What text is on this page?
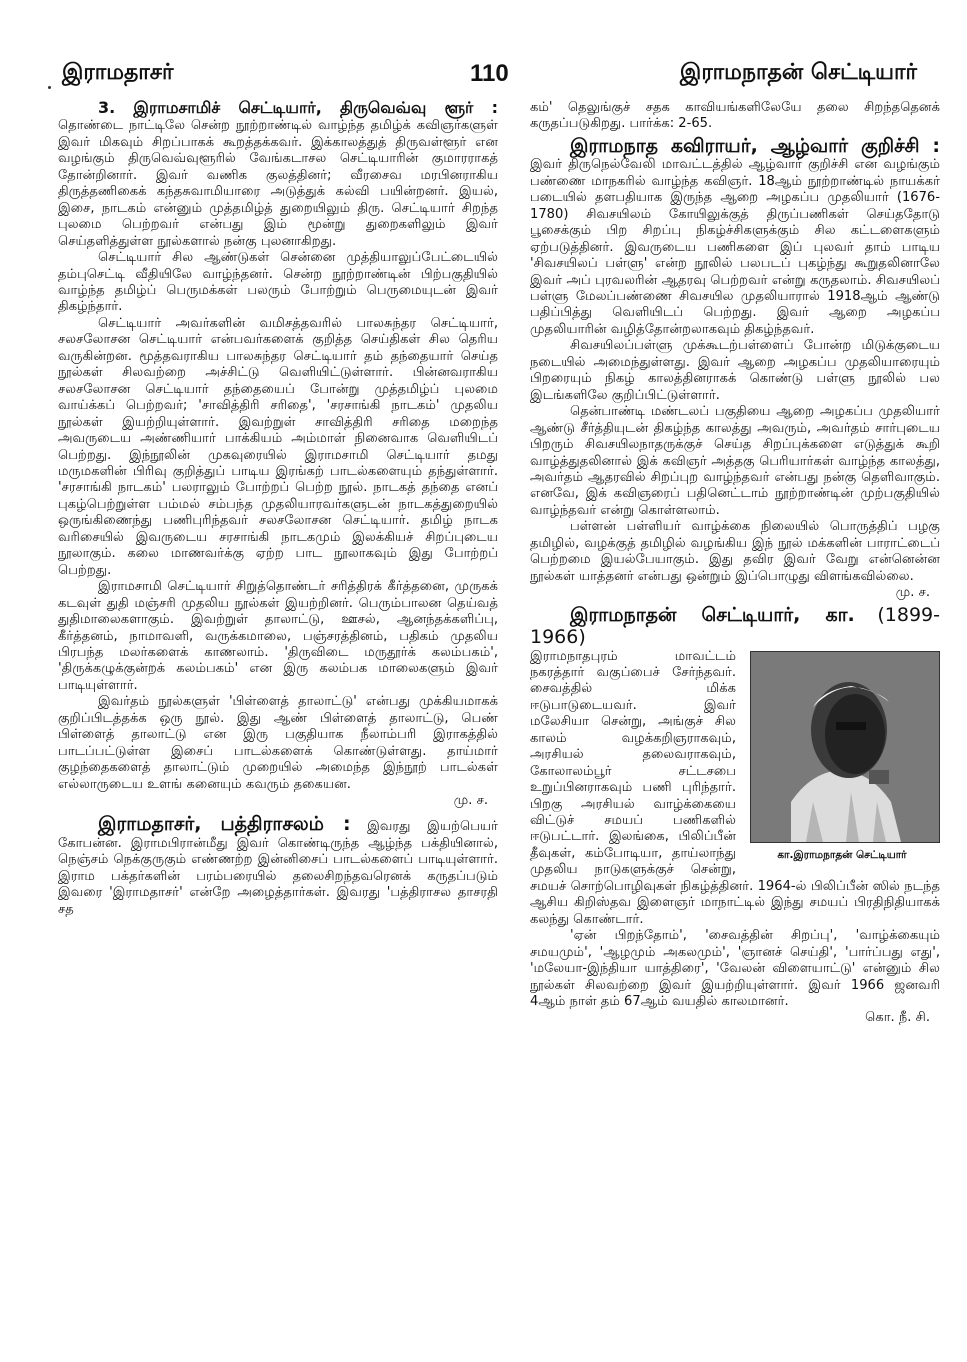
இராமதாசர்	110	இராமநாதன் செட்டியார்

3. இராமசாமிச் செட்டியார், திருவெவ்வு ளூர் : தொண்டை நாட்டிலே சென்ற நூற்றாண்டில் வாழ்ந்த தமிழ்க் கவிஞர்களுள் இவர் மிகவும் சிறப்பாகக் கூறத்தக்கவர். இக்காலத்துத் திருவள்ளூர் என வழங்கும் திருவெவ்வுளூரில் வேங்கடாசல செட்டியாரின் குமாரராகத் தோன்றினார். இவர் வணிக குலத்தினர்; வீரசைவ மரபினராகிய திருத்தணிகைக் கந்தசுவாமியாரை அடுத்துக் கல்வி பயின்றனர். இயல், இசை, நாடகம் என்னும் முத்தமிழ்த் துறையிலும் திரு. செட்டியார் சிறந்த புலமை பெற்றவர் என்பது இம் மூன்று துறைகளிலும் இவர் செய்தளித்துள்ள நூல்களால் நன்கு புலனாகிறது.

செட்டியார் சில ஆண்டுகள் சென்னை முத்தியாலுப்பேட்டையில் தம்புசெட்டி வீதியிலே வாழ்ந்தனர். சென்ற நூற்றாண்டின் பிற்பகுதியில் வாழ்ந்த தமிழ்ப் பெருமக்கள் பலரும் போற்றும் பெருமையுடன் இவர் திகழ்ந்தார்.

செட்டியார் அவர்களின் வமிசத்தவரில் பாலசுந்தர செட்டியார், சலசலோசன செட்டியார் என்பவர்களைக் குறித்த செய்திகள் சில தெரிய வருகின்றன. மூத்தவராகிய பாலசுந்தர செட்டியார் தம் தந்தையார் செய்த நூல்கள் சிலவற்றை அச்சிட்டு வெளியிட்டுள்ளார். பின்னவராகிய சலசலோசன செட்டியார் தந்தையைப் போன்று முத்தமிழ்ப் புலமை வாய்க்கப் பெற்றவர்; 'சாவித்திரி சரிதை', 'சரசாங்கி நாடகம்' முதலிய நூல்கள் இயற்றியுள்ளார். இவற்றுள் சாவித்திரி சரிதை மறைந்த அவருடைய அண்ணியார் பாக்கியம் அம்மாள் நினைவாக வெளியிடப் பெற்றது. இந்நூலின் முகவுரையில் இராமசாமி செட்டியார் தமது மருமகளின் பிரிவு குறித்துப் பாடிய இரங்கற் பாடல்களையும் தந்துள்ளார். 'சரசாங்கி நாடகம்' பலராலும் போற்றப் பெற்ற நூல். நாடகத் தந்தை எனப் புகழ்பெற்றுள்ள பம்மல் சம்பந்த முதலியாரவர்களுடன் நாடகத்துறையில் ஒருங்கிணைந்து பணிபுரிந்தவர் சலசலோசன செட்டியார். தமிழ் நாடக வரிசையில் இவருடைய சரசாங்கி நாடகமும் இலக்கியச் சிறப்புடைய நூலாகும். கலை மாணவர்க்கு ஏற்ற பாட நூலாகவும் இது போற்றப் பெற்றது.

இராமசாமி செட்டியார் சிறுத்தொண்டர் சரித்திரக் கீர்த்தனை, முருகக் கடவுள் துதி மஞ்சரி முதலிய நூல்கள் இயற்றினர். பெரும்பாலன தெய்வத் துதிமாலைகளாகும். இவற்றுள் தாலாட்டு, ஊசல், ஆனந்தக்களிப்பு, கீர்த்தனம், நாமாவளி, வருக்கமாலை, பஞ்சரத்தினம், பதிகம் முதலிய பிரபந்த மலர்களைக் காணலாம். 'திருவிடை மருதூர்க் கலம்பகம்', 'திருக்கழுக்குன்றக் கலம்பகம்' என இரு கலம்பக மாலைகளும் இவர் பாடியுள்ளார்.

இவர்தம் நூல்களுள் 'பிள்ளைத் தாலாட்டு' என்பது முக்கியமாகக் குறிப்பிடத்தக்க ஒரு நூல். இது ஆண் பிள்ளைத் தாலாட்டு, பெண் பிள்ளைத் தாலாட்டு என இரு பகுதியாக நீலாம்பரி இராகத்தில் பாடப்பட்டுள்ள இசைப் பாடல்களைக் கொண்டுள்ளது. தாய்மார் குழந்தைகளைத் தாலாட்டும் முறையில் அமைந்த இந்நூற் பாடல்கள் எல்லாருடைய உளங் கனையும் கவரும் தகையன.

மு. ச.

இராமதாசர், பத்திராசலம் : இவரது இயற்பெயர் கோபன்ன. இராமபிரான்மீது இவர் கொண்டிருந்த ஆழ்ந்த பக்தியினால், நெஞ்சம் நெக்குருகும் எண்ணற்ற இன்னிசைப் பாடல்களைப் பாடியுள்ளார். இராம பக்தர்களின் பரம்பரையில் தலைசிறந்தவரெனக் கருதப்படும் இவரை 'இராமதாசர்' என்றே அழைத்தார்கள். இவரது 'பத்திராசல தாசரதி சத

கம்' தெலுங்குச் சதக காவியங்களிலேயே தலை சிறந்ததெனக் கருதப்படுகிறது. பார்க்க: 2-65.

இராமநாத கவிராயர், ஆழ்வார் குறிச்சி : இவர் திருநெல்வேலி மாவட்டத்தில் ஆழ்வார் குறிச்சி என வழங்கும் பண்ணை மாநகரில் வாழ்ந்த கவிஞர். 18ஆம் நூற்றாண்டில் நாயக்கர் படையில் தளபதியாக இருந்த ஆறை அழகப்ப முதலியார் (1676-1780) சிவசயிலம் கோயிலுக்குத் திருப்பணிகள் செய்ததோடு பூசைக்கும் பிற சிறப்பு நிகழ்ச்சிகளுக்கும் சில கட்டளைகளும் ஏற்படுத்தினர். இவருடைய பணிகளை இப் புலவர் தாம் பாடிய 'சிவசயிலப் பள்ளு' என்ற நூலில் பலபடப் புகழ்ந்து கூறுதலினாலே இவர் அப் புரவலரின் ஆதரவு பெற்றவர் என்று கருதலாம். சிவசயிலப் பள்ளு மேலப்பண்ணை சிவசயில முதலியாரால் 1918ஆம் ஆண்டு பதிப்பித்து வெளியிடப் பெற்றது. இவர் ஆறை அழகப்ப முதலியாரின் வழித்தோன்றலாகவும் திகழ்ந்தவர்.

சிவசயிலப்பள்ளு முக்கூடற்பள்ளைப் போன்ற மிடுக்குடைய நடையில் அமைந்துள்ளது. இவர் ஆறை அழகப்ப முதலியாரையும் பிறரையும் நிகழ் காலத்தினராகக் கொண்டு பள்ளு நூலில் பல இடங்களிலே குறிப்பிட்டுள்ளார்.

தென்பாண்டி மண்டலப் பகுதியை ஆறை அழகப்ப முதலியார் ஆண்டு சீர்த்தியுடன் திகழ்ந்த காலத்து அவரும், அவர்தம் சார்புடைய பிறரும் சிவசயிலநாதருக்குச் செய்த சிறப்புக்களை எடுத்துக் கூறி வாழ்த்துதலினால் இக் கவிஞர் அத்தகு பெரியார்கள் வாழ்ந்த காலத்து, அவர்தம் ஆதரவில் சிறப்புற வாழ்ந்தவர் என்பது நன்கு தெளிவாகும். எனவே, இக் கவிஞரைப் பதினெட்டாம் நூற்றாண்டின் முற்பகுதியில் வாழ்ந்தவர் என்று கொள்ளலாம்.

பள்ளன் பள்ளியர் வாழ்க்கை நிலையில் பொருத்திப் பழகு தமிழில், வழக்குத் தமிழில் வழங்கிய இந் நூல் மக்களின் பாராட்டைப் பெற்றமை இயல்பேயாகும். இது தவிர இவர் வேறு என்னென்ன நூல்கள் யாத்தனர் என்பது ஒன்றும் இப்பொழுது விளங்கவில்லை.

மு. ச.

இராமநாதன் செட்டியார், கா. (1899-1966)

கா.இராமநாதன் செட்டியார்

இராமநாதபுரம் மாவட்டம் நகரத்தார் வகுப்பைச் சேர்ந்தவர். சைவத்தில் மிக்க ஈடுபாடுடையவர். இவர் மலேசியா சென்று, அங்குச் சில காலம் வழக்கறிஞராகவும், அரசியல் தலைவராகவும், கோலாலம்பூர் சட்டசபை உறுப்பினராகவும் பணி புரிந்தார். பிறகு அரசியல் வாழ்க்கையை விட்டுச் சமயப் பணிகளில் ஈடுபட்டார். இலங்கை, பிலிப்பீன் தீவுகள், கம்போடியா, தாய்லாந்து முதலிய நாடுகளுக்குச் சென்று, சமயச் சொற்பொழிவுகள் நிகழ்த்தினர். 1964-ல் பிலிப்பீன் ஸில் நடந்த ஆசிய கிறிஸ்தவ இளைஞர் மாநாட்டில் இந்து சமயப் பிரதிநிதியாகக் கலந்து கொண்டார்.

'ஏன் பிறந்தோம்', 'சைவத்தின் சிறப்பு', 'வாழ்க்கையும் சமயமும்', 'ஆழமும் அகலமும்', 'ஞானச் செய்தி', 'பார்ப்பது எது', 'மலேயா-இந்தியா யாத்திரை', 'வேலன் விளையாட்டு' என்னும் சில நூல்கள் சிலவற்றை இவர் இயற்றியுள்ளார். இவர் 1966 ஜனவரி 4ஆம் நாள் தம் 67ஆம் வயதில் காலமானர்.

கொ. நீ. சி.
